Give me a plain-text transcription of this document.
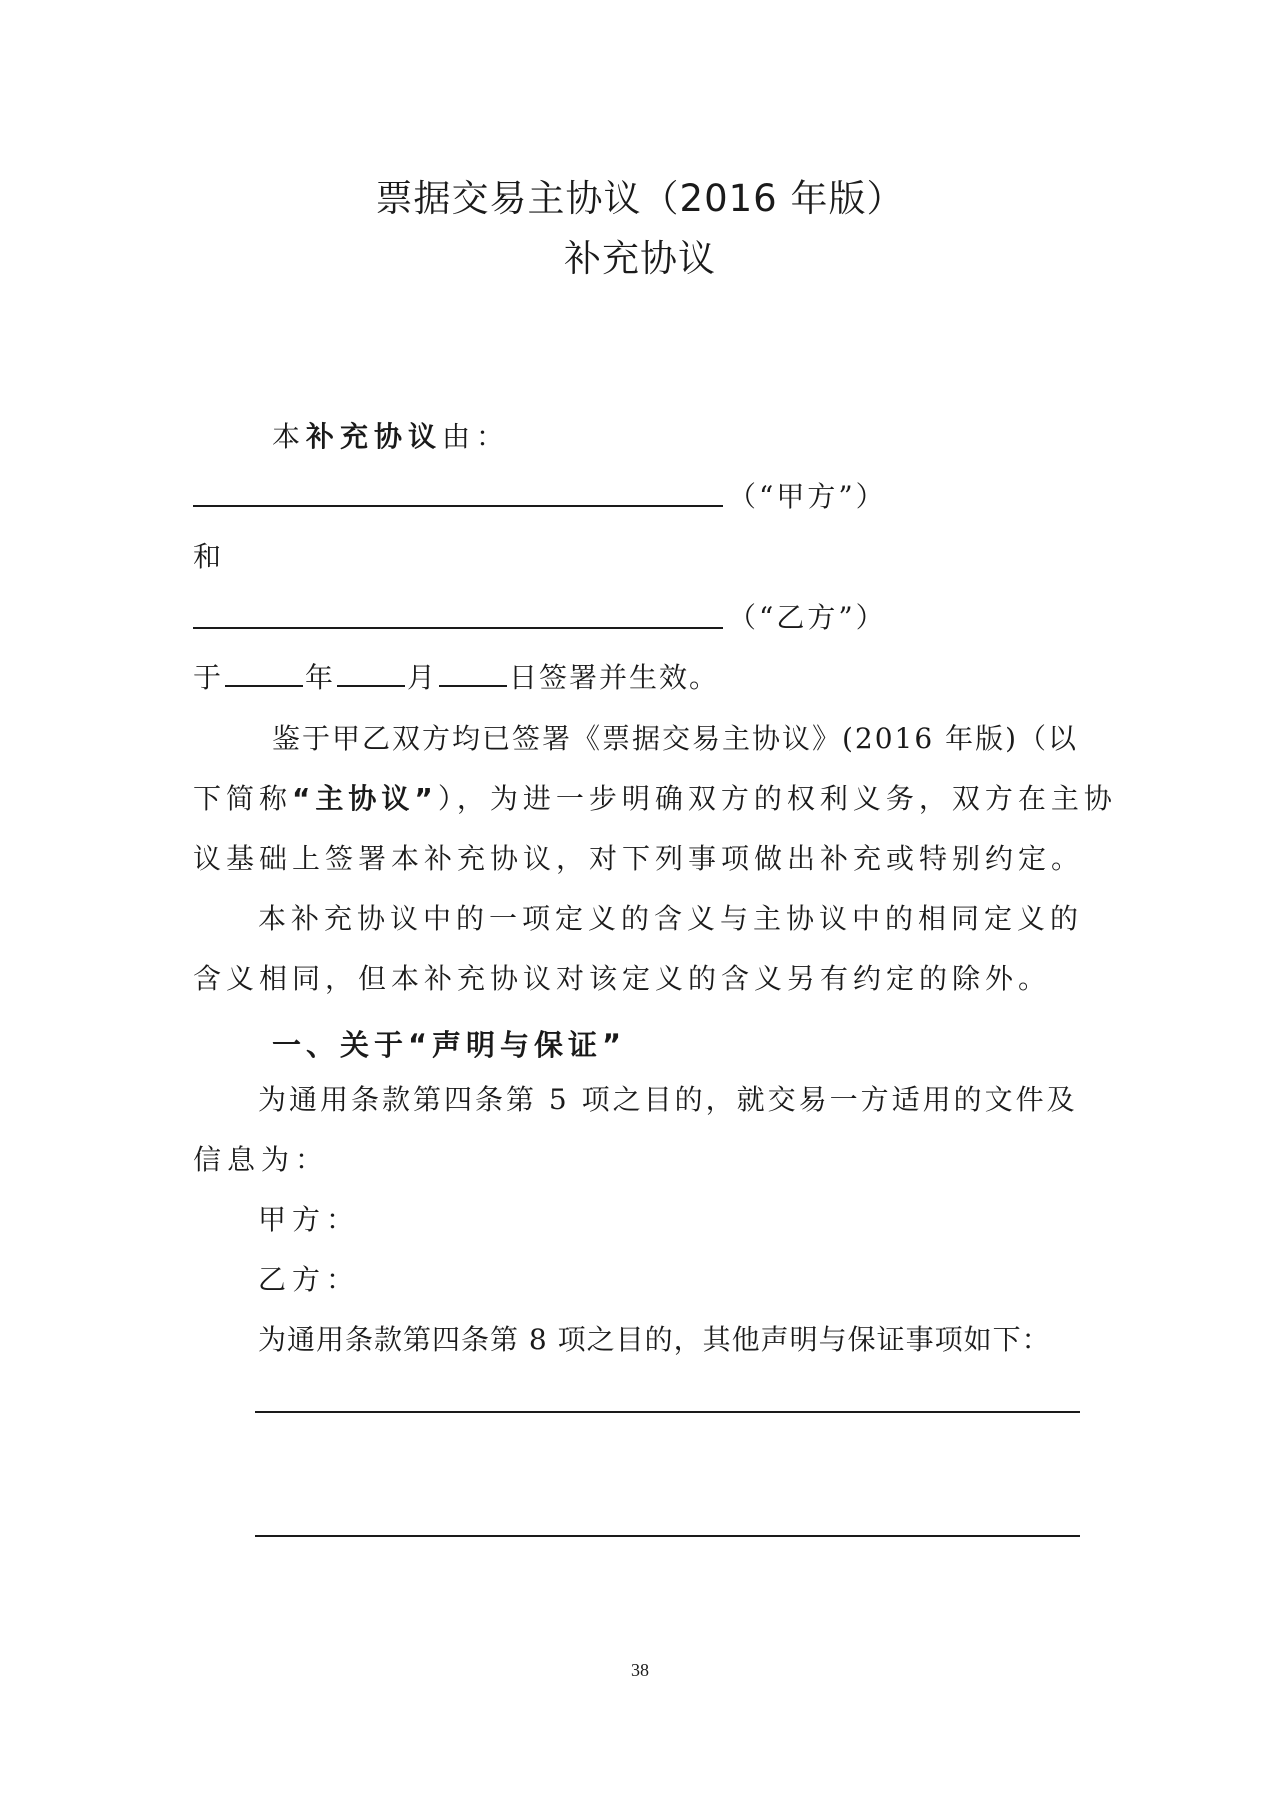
票据交易主协议（2016 年版）
补充协议
本补充协议由：
（“甲方”）
和
（“乙方”）
于	年	月	日签署并生效。
鉴于甲乙双方均已签署《票据交易主协议》(2016 年版)（以
下简称“主协议”），为进一步明确双方的权利义务，双方在主协
议基础上签署本补充协议，对下列事项做出补充或特别约定。
本补充协议中的一项定义的含义与主协议中的相同定义的
含义相同，但本补充协议对该定义的含义另有约定的除外。
一、关于“声明与保证”
为通用条款第四条第 5 项之目的，就交易一方适用的文件及
信息为：
甲方：
乙方：
为通用条款第四条第 8 项之目的，其他声明与保证事项如下：
38
